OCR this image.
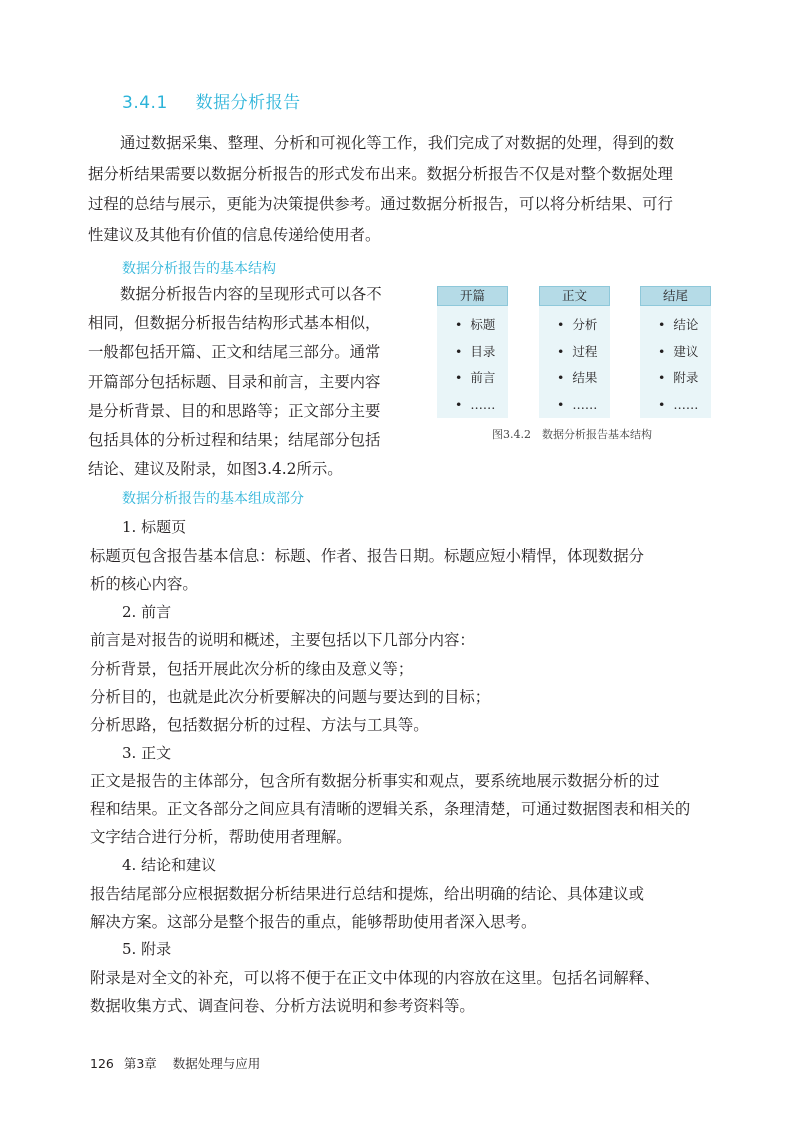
3.4.1 数据分析报告

通过数据采集、整理、分析和可视化等工作，我们完成了对数据的处理，得到的数
据分析结果需要以数据分析报告的形式发布出来。数据分析报告不仅是对整个数据处理
过程的总结与展示，更能为决策提供参考。通过数据分析报告，可以将分析结果、可行
性建议及其他有价值的信息传递给使用者。

数据分析报告的基本结构
数据分析报告内容的呈现形式可以各不
相同，但数据分析报告结构形式基本相似，
一般都包括开篇、正文和结尾三部分。通常
开篇部分包括标题、目录和前言，主要内容
是分析背景、目的和思路等；正文部分主要
包括具体的分析过程和结果；结尾部分包括
结论、建议及附录，如图3.4.2所示。
开篇
• 标题
• 目录
• 前言
• ……
正文
• 分析
• 过程
• 结果
• ……
结尾
• 结论
• 建议
• 附录
• ……
图3.4.2　数据分析报告基本结构
数据分析报告的基本组成部分
1. 标题页
标题页包含报告基本信息：标题、作者、报告日期。标题应短小精悍，体现数据分
析的核心内容。
2. 前言
前言是对报告的说明和概述，主要包括以下几部分内容：
分析背景，包括开展此次分析的缘由及意义等；
分析目的，也就是此次分析要解决的问题与要达到的目标；
分析思路，包括数据分析的过程、方法与工具等。
3. 正文
正文是报告的主体部分，包含所有数据分析事实和观点，要系统地展示数据分析的过
程和结果。正文各部分之间应具有清晰的逻辑关系，条理清楚，可通过数据图表和相关的
文字结合进行分析，帮助使用者理解。
4. 结论和建议
报告结尾部分应根据数据分析结果进行总结和提炼，给出明确的结论、具体建议或
解决方案。这部分是整个报告的重点，能够帮助使用者深入思考。
5. 附录
附录是对全文的补充，可以将不便于在正文中体现的内容放在这里。包括名词解释、
数据收集方式、调查问卷、分析方法说明和参考资料等。
126 第3章 数据处理与应用
